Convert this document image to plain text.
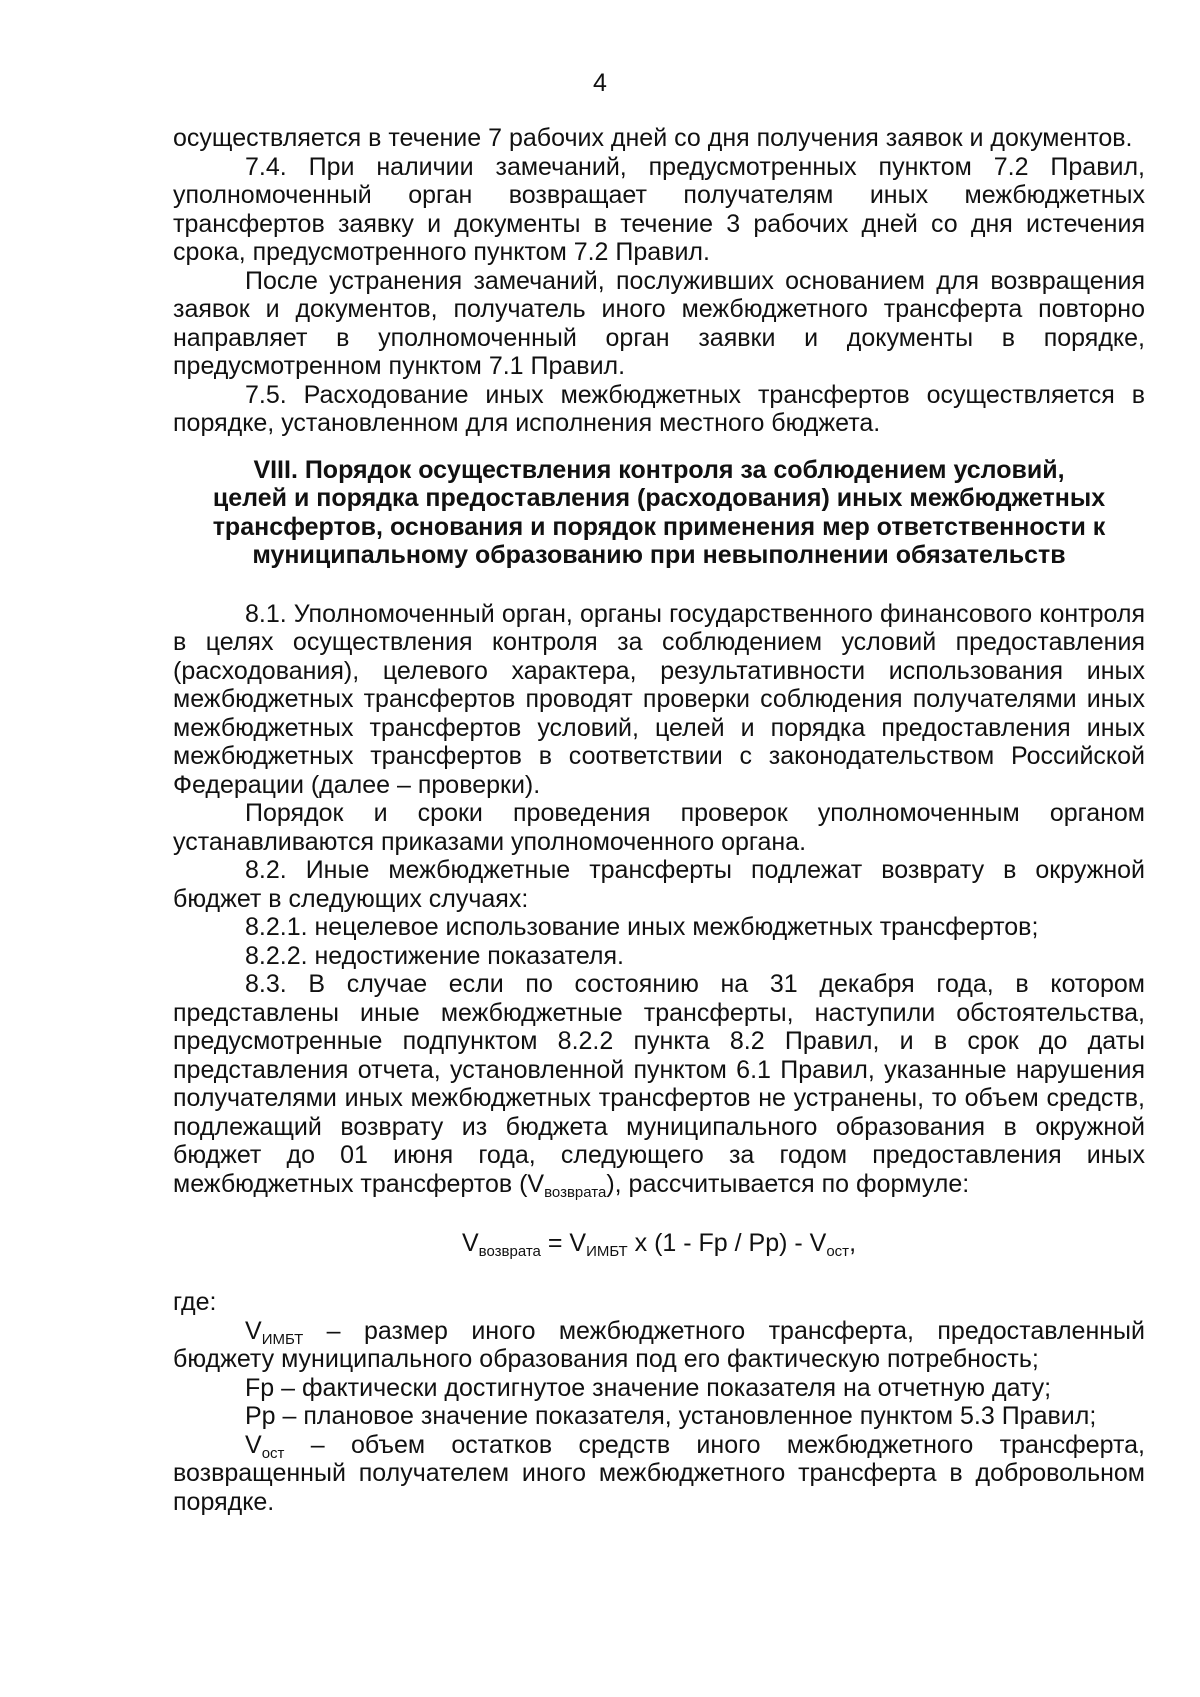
4

осуществляется в течение 7 рабочих дней со дня получения заявок и документов.

7.4. При наличии замечаний, предусмотренных пунктом 7.2 Правил, уполномоченный орган возвращает получателям иных межбюджетных трансфертов заявку и документы в течение 3 рабочих дней со дня истечения срока, предусмотренного пунктом 7.2 Правил.

После устранения замечаний, послуживших основанием для возвращения заявок и документов, получатель иного межбюджетного трансферта повторно направляет в уполномоченный орган заявки и документы в порядке, предусмотренном пунктом 7.1 Правил.

7.5. Расходование иных межбюджетных трансфертов осуществляется в порядке, установленном для исполнения местного бюджета.

VIII. Порядок осуществления контроля за соблюдением условий,
целей и порядка предоставления (расходования) иных межбюджетных
трансфертов, основания и порядок применения мер ответственности к
муниципальному образованию при невыполнении обязательств

8.1. Уполномоченный орган, органы государственного финансового контроля в целях осуществления контроля за соблюдением условий предоставления (расходования), целевого характера, результативности использования иных межбюджетных трансфертов проводят проверки соблюдения получателями иных межбюджетных трансфертов условий, целей и порядка предоставления иных межбюджетных трансфертов в соответствии с законодательством Российской Федерации (далее – проверки).

Порядок и сроки проведения проверок уполномоченным органом устанавливаются приказами уполномоченного органа.

8.2. Иные межбюджетные трансферты подлежат возврату в окружной бюджет в следующих случаях:

8.2.1. нецелевое использование иных межбюджетных трансфертов;

8.2.2. недостижение показателя.

8.3. В случае если по состоянию на 31 декабря года, в котором представлены иные межбюджетные трансферты, наступили обстоятельства, предусмотренные подпунктом 8.2.2 пункта 8.2 Правил, и в срок до даты представления отчета, установленной пунктом 6.1 Правил, указанные нарушения получателями иных межбюджетных трансфертов не устранены, то объем средств, подлежащий возврату из бюджета муниципального образования в окружной бюджет до 01 июня года, следующего за годом предоставления иных межбюджетных трансфертов $(V_{возврата})$, рассчитывается по формуле:

$V_{возврата} = V_{ИМБТ}$ x (1 - Fp / $Pp) - V_{ост}$,

где:

$V_{ИМБТ}$ – размер иного межбюджетного трансферта, предоставленный бюджету муниципального образования под его фактическую потребность;

Fp – фактически достигнутое значение показателя на отчетную дату;

Pp – плановое значение показателя, установленное пунктом 5.3 Правил;

$V_{ост}$ – объем остатков средств иного межбюджетного трансферта, возвращенный получателем иного межбюджетного трансферта в добровольном порядке.
